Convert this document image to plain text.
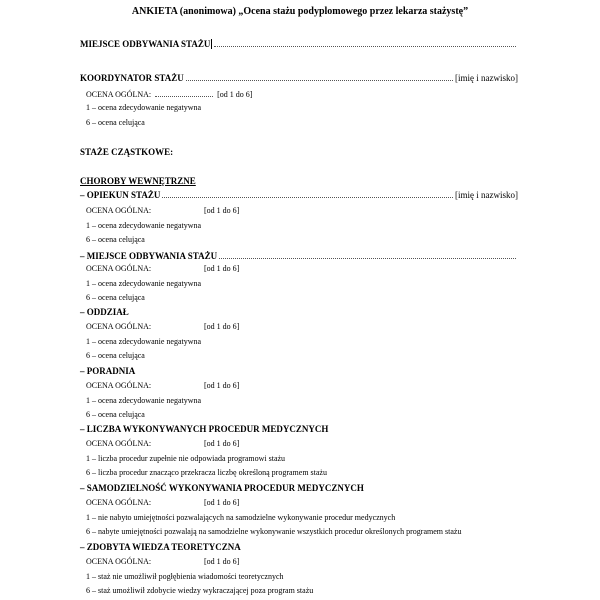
ANKIETA (anonimowa) „Ocena stażu podyplomowego przez lekarza stażystę”
MIEJSCE ODBYWANIA STAŻU
KOORDYNATOR STAŻU	[imię i nazwisko]
OCENA OGÓLNA:	[od 1 do 6]
1 – ocena zdecydowanie negatywna
6 – ocena celująca
STAŻE CZĄSTKOWE:
CHOROBY WEWNĘTRZNE
– OPIEKUN STAŻU	[imię i nazwisko]
OCENA OGÓLNA:	[od 1 do 6]
1 – ocena zdecydowanie negatywna
6 – ocena celująca
– MIEJSCE ODBYWANIA STAŻU
OCENA OGÓLNA:	[od 1 do 6]
1 – ocena zdecydowanie negatywna
6 – ocena celująca
– ODDZIAŁ
OCENA OGÓLNA:	[od 1 do 6]
1 – ocena zdecydowanie negatywna
6 – ocena celująca
– PORADNIA
OCENA OGÓLNA:	[od 1 do 6]
1 – ocena zdecydowanie negatywna
6 – ocena celująca
– LICZBA WYKONYWANYCH PROCEDUR MEDYCZNYCH
OCENA OGÓLNA:	[od 1 do 6]
1 – liczba procedur zupełnie nie odpowiada programowi stażu
6 – liczba procedur znacząco przekracza liczbę określoną programem stażu
– SAMODZIELNOŚĆ WYKONYWANIA PROCEDUR MEDYCZNYCH
OCENA OGÓLNA:	[od 1 do 6]
1 – nie nabyto umiejętności pozwalających na samodzielne wykonywanie procedur medycznych
6 – nabyte umiejętności pozwalają na samodzielne wykonywanie wszystkich procedur określonych programem stażu
– ZDOBYTA WIEDZA TEORETYCZNA
OCENA OGÓLNA:	[od 1 do 6]
1 – staż nie umożliwił pogłębienia wiadomości teoretycznych
6 – staż umożliwił zdobycie wiedzy wykraczającej poza program stażu
